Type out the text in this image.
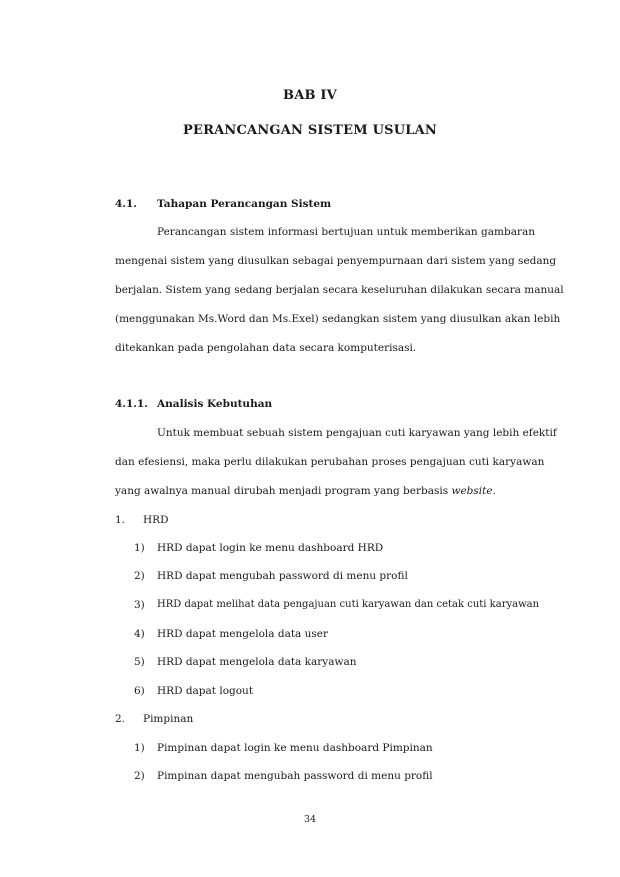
BAB IV
PERANCANGAN SISTEM USULAN
4.1. Tahapan Perancangan Sistem
Perancangan sistem informasi bertujuan untuk memberikan gambaran
mengenai sistem yang diusulkan sebagai penyempurnaan dari sistem yang sedang
berjalan. Sistem yang sedang berjalan secara keseluruhan dilakukan secara manual
(menggunakan Ms.Word dan Ms.Exel) sedangkan sistem yang diusulkan akan lebih
ditekankan pada pengolahan data secara komputerisasi.
4.1.1. Analisis Kebutuhan
Untuk membuat sebuah sistem pengajuan cuti karyawan yang lebih efektif
dan efesiensi, maka perlu dilakukan perubahan proses pengajuan cuti karyawan
yang awalnya manual dirubah menjadi program yang berbasis website.
1. HRD
1) HRD dapat login ke menu dashboard HRD
2) HRD dapat mengubah password di menu profil
3) HRD dapat melihat data pengajuan cuti karyawan dan cetak cuti karyawan
4) HRD dapat mengelola data user
5) HRD dapat mengelola data karyawan
6) HRD dapat logout
2. Pimpinan
1) Pimpinan dapat login ke menu dashboard Pimpinan
2) Pimpinan dapat mengubah password di menu profil
34
